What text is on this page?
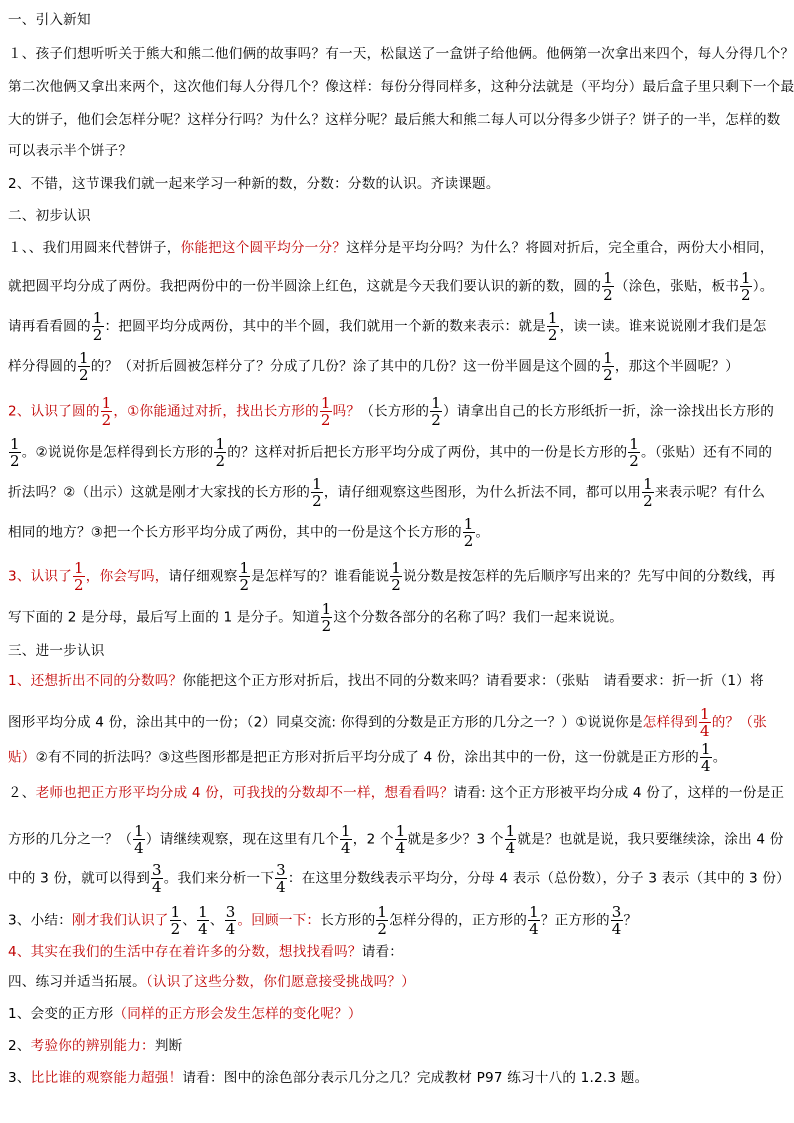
一、引入新知
１、孩子们想听听关于熊大和熊二他们俩的故事吗？有一天，松鼠送了一盒饼子给他俩。他俩第一次拿出来四个，每人分得几个？
第二次他俩又拿出来两个，这次他们每人分得几个？像这样：每份分得同样多，这种分法就是（平均分）最后盒子里只剩下一个最
大的饼子，他们会怎样分呢？这样分行吗？为什么？这样分呢？最后熊大和熊二每人可以分得多少饼子？饼子的一半，怎样的数
可以表示半个饼子？
2、不错，这节课我们就一起来学习一种新的数，分数：分数的认识。齐读课题。
二、初步认识
１、、我们用圆来代替饼子，你能把这个圆平均分一分？这样分是平均分吗？为什么？将圆对折后，完全重合，两份大小相同，
就把圆平均分成了两份。我把两份中的一份半圆涂上红色，这就是今天我们要认识的新的数，圆的 $\frac{1}{2}$ （涂色，张贴，板书 $\frac{1}{2}$ ）。
请再看看圆的 $\frac{1}{2}$ ：把圆平均分成两份，其中的半个圆，我们就用一个新的数来表示：就是 $\frac{1}{2}$ ，读一读。谁来说说刚才我们是怎
样分得圆的 $\frac{1}{2}$ 的？（对折后圆被怎样分了？分成了几份？涂了其中的几份？这一份半圆是这个圆的 $\frac{1}{2}$ ，那这个半圆呢？）
2、认识了圆的 $\frac{1}{2}$ ，①你能通过对折，找出长方形的 $\frac{1}{2}$ 吗？（长方形的 $\frac{1}{2}$ ）请拿出自己的长方形纸折一折，涂一涂找出长方形的
$\frac{1}{2}$ 。②说说你是怎样得到长方形的 $\frac{1}{2}$ 的？这样对折后把长方形平均分成了两份，其中的一份是长方形的 $\frac{1}{2}$ 。（张贴）还有不同的
折法吗？②（出示）这就是刚才大家找的长方形的 $\frac{1}{2}$ ，请仔细观察这些图形，为什么折法不同，都可以用 $\frac{1}{2}$ 来表示呢？有什么
相同的地方？③把一个长方形平均分成了两份，其中的一份是这个长方形的 $\frac{1}{2}$ 。
3、认识了 $\frac{1}{2}$ ，你会写吗，请仔细观察 $\frac{1}{2}$ 是怎样写的？谁看能说 $\frac{1}{2}$ 说分数是按怎样的先后顺序写出来的？先写中间的分数线，再
写下面的 2 是分母，最后写上面的 1 是分子。知道 $\frac{1}{2}$ 这个分数各部分的名称了吗？我们一起来说说。
三、进一步认识
1、还想折出不同的分数吗？你能把这个正方形对折后，找出不同的分数来吗？请看要求：（张贴　请看要求：折一折（1）将
图形平均分成 4 份，涂出其中的一份；（2）同桌交流: 你得到的分数是正方形的几分之一？）①说说你是怎样得到 $\frac{1}{4}$ 的？（张
贴）②有不同的折法吗？③这些图形都是把正方形对折后平均分成了 4 份，涂出其中的一份，这一份就是正方形的 $\frac{1}{4}$ 。
２、老师也把正方形平均分成 4 份，可我找的分数却不一样，想看看吗？请看: 这个正方形被平均分成 4 份了，这样的一份是正
方形的几分之一？（ $\frac{1}{4}$ ）请继续观察，现在这里有几个 $\frac{1}{4}$ ，2 个 $\frac{1}{4}$ 就是多少？3 个 $\frac{1}{4}$ 就是？也就是说，我只要继续涂，涂出 4 份
中的 3 份，就可以得到 $\frac{3}{4}$ 。我们来分析一下 $\frac{3}{4}$ ：在这里分数线表示平均分，分母 4 表示（总份数），分子 3 表示（其中的 3 份）
3、小结：刚才我们认识了 $\frac{1}{2}$ 、 $\frac{1}{4}$ 、 $\frac{3}{4}$ 。回顾一下：长方形的 $\frac{1}{2}$ 怎样分得的，正方形的 $\frac{1}{4}$ ？正方形的 $\frac{3}{4}$ ？
4、其实在我们的生活中存在着许多的分数，想找找看吗？请看：
四、练习并适当拓展。（认识了这些分数，你们愿意接受挑战吗？）
1、会变的正方形（同样的正方形会发生怎样的变化呢？）
2、考验你的辨别能力：判断
3、比比谁的观察能力超强！请看：图中的涂色部分表示几分之几？完成教材 P97 练习十八的 1.2.3 题。
